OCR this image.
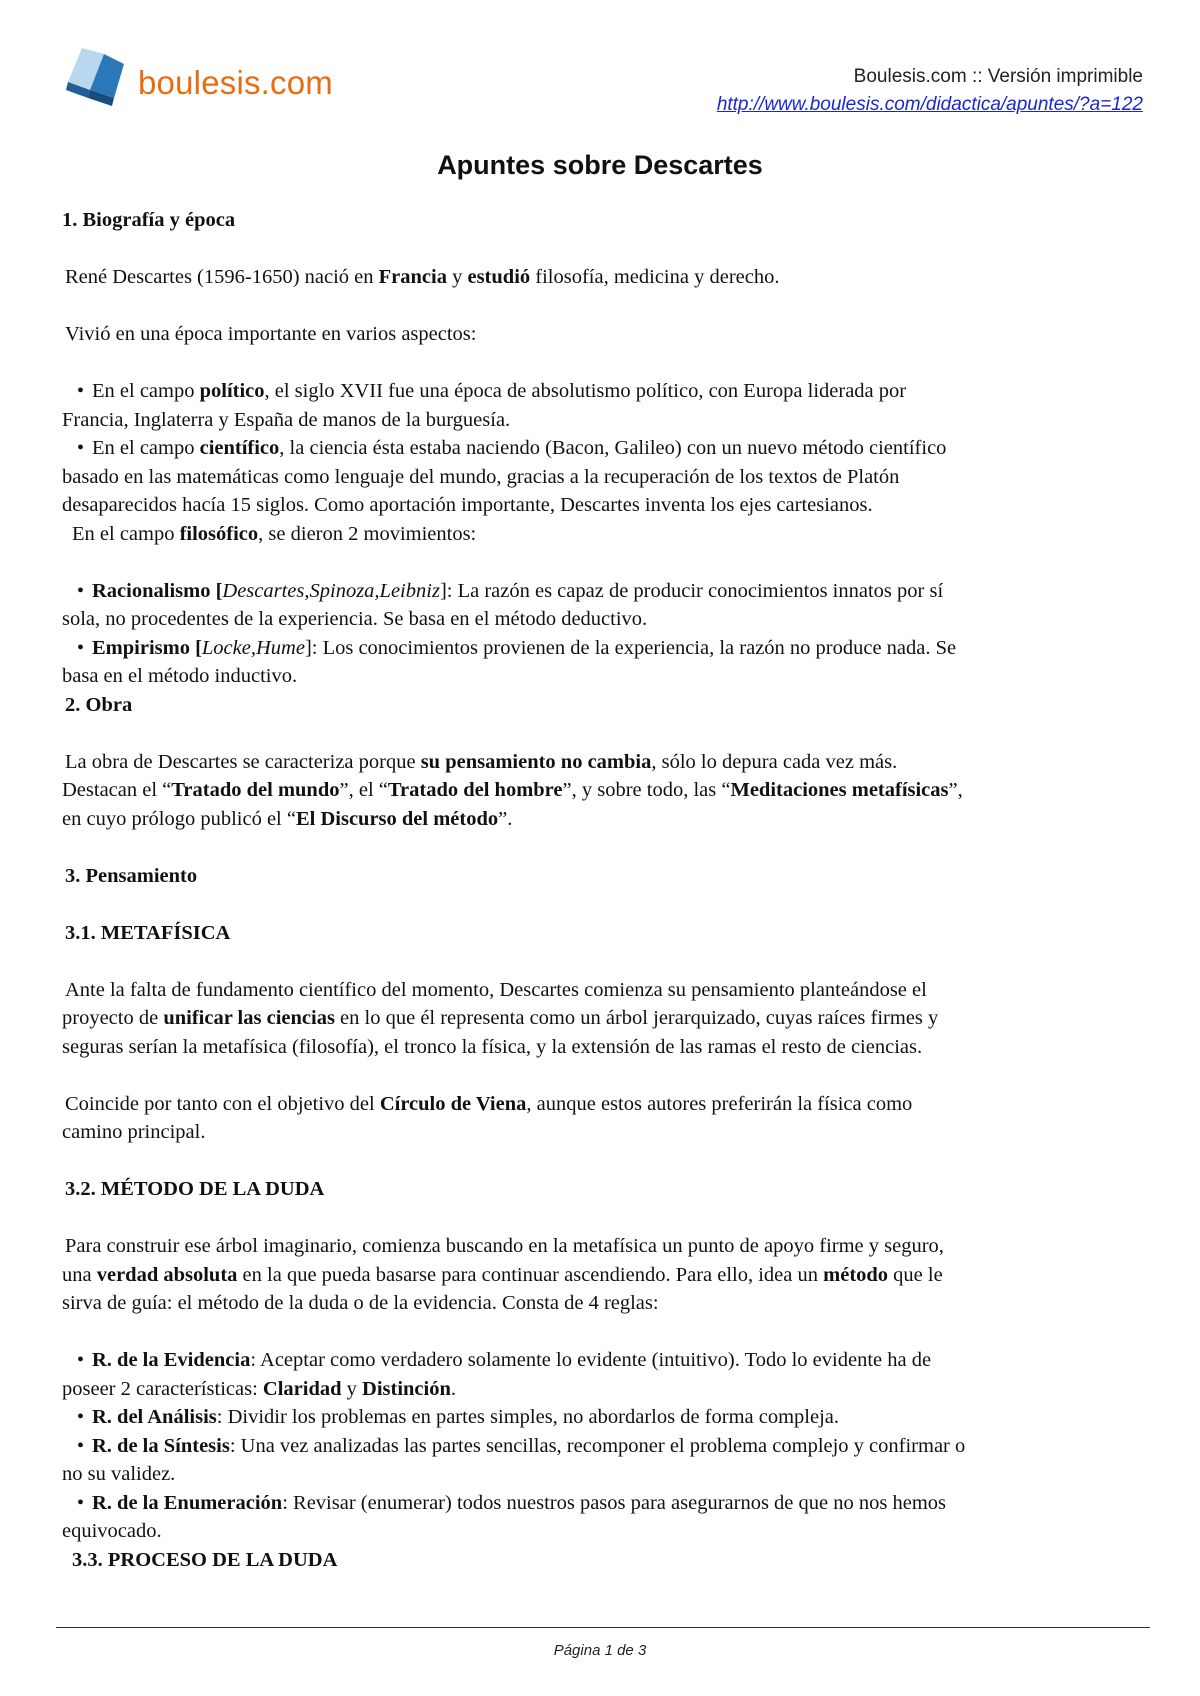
boulesis.com	Boulesis.com :: Versión imprimible
http://www.boulesis.com/didactica/apuntes/?a=122
Apuntes sobre Descartes

1. Biografía y época

René Descartes (1596-1650) nació en Francia y estudió filosofía, medicina y derecho.

Vivió en una época importante en varios aspectos:

• En el campo político, el siglo XVII fue una época de absolutismo político, con Europa liderada por

Francia, Inglaterra y España de manos de la burguesía.

• En el campo científico, la ciencia ésta estaba naciendo (Bacon, Galileo) con un nuevo método científico

basado en las matemáticas como lenguaje del mundo, gracias a la recuperación de los textos de Platón

desaparecidos hacía 15 siglos. Como aportación importante, Descartes inventa los ejes cartesianos.

En el campo filosófico, se dieron 2 movimientos:

• Racionalismo [Descartes,Spinoza,Leibniz]: La razón es capaz de producir conocimientos innatos por sí

sola, no procedentes de la experiencia. Se basa en el método deductivo.

• Empirismo [Locke,Hume]: Los conocimientos provienen de la experiencia, la razón no produce nada. Se

basa en el método inductivo.

2. Obra

La obra de Descartes se caracteriza porque su pensamiento no cambia, sólo lo depura cada vez más.

Destacan el “Tratado del mundo”, el “Tratado del hombre”, y sobre todo, las “Meditaciones metafísicas”,

en cuyo prólogo publicó el “El Discurso del método”.

3. Pensamiento

3.1. METAFÍSICA

Ante la falta de fundamento científico del momento, Descartes comienza su pensamiento planteándose el

proyecto de unificar las ciencias en lo que él representa como un árbol jerarquizado, cuyas raíces firmes y

seguras serían la metafísica (filosofía), el tronco la física, y la extensión de las ramas el resto de ciencias.

Coincide por tanto con el objetivo del Círculo de Viena, aunque estos autores preferirán la física como

camino principal.

3.2. MÉTODO DE LA DUDA

Para construir ese árbol imaginario, comienza buscando en la metafísica un punto de apoyo firme y seguro,

una verdad absoluta en la que pueda basarse para continuar ascendiendo. Para ello, idea un método que le

sirva de guía: el método de la duda o de la evidencia. Consta de 4 reglas:

• R. de la Evidencia: Aceptar como verdadero solamente lo evidente (intuitivo). Todo lo evidente ha de

poseer 2 características: Claridad y Distinción.

• R. del Análisis: Dividir los problemas en partes simples, no abordarlos de forma compleja.

• R. de la Síntesis: Una vez analizadas las partes sencillas, recomponer el problema complejo y confirmar o

no su validez.

• R. de la Enumeración: Revisar (enumerar) todos nuestros pasos para asegurarnos de que no nos hemos

equivocado.

3.3. PROCESO DE LA DUDA

Página 1 de 3
